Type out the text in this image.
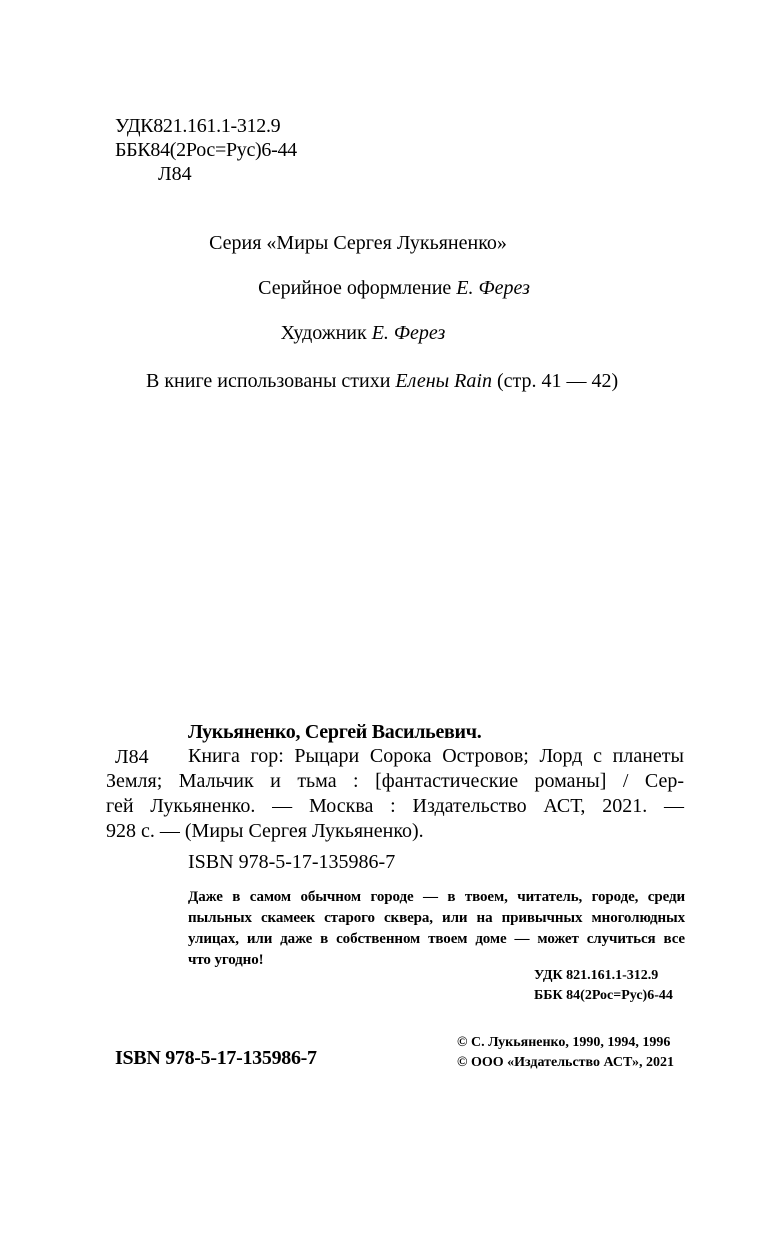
УДК821.161.1-312.9
ББК84(2Рос=Рус)6-44
Л84
Серия «Миры Сергея Лукьяненко»
Серийное оформление Е. Ферез
Художник Е. Ферез
В книге использованы стихи Елены Rain (стр. 41 — 42)
Лукьяненко, Сергей Васильевич.
Л84 Книга гор: Рыцари Сорока Островов; Лорд с планеты
Земля; Мальчик и тьма : [фантастические романы] / Сер-
гей Лукьяненко. — Москва : Издательство АСТ, 2021. —
928 с. — (Миры Сергея Лукьяненко).
ISBN 978-5-17-135986-7
Даже в самом обычном городе — в твоем, читатель, городе, среди
пыльных скамеек старого сквера, или на привычных многолюдных
улицах, или даже в собственном твоем доме — может случиться все
что угодно!
УДК 821.161.1-312.9
ББК 84(2Рос=Рус)6-44
ISBN 978-5-17-135986-7
© С. Лукьяненко, 1990, 1994, 1996
© ООО «Издательство АСТ», 2021
